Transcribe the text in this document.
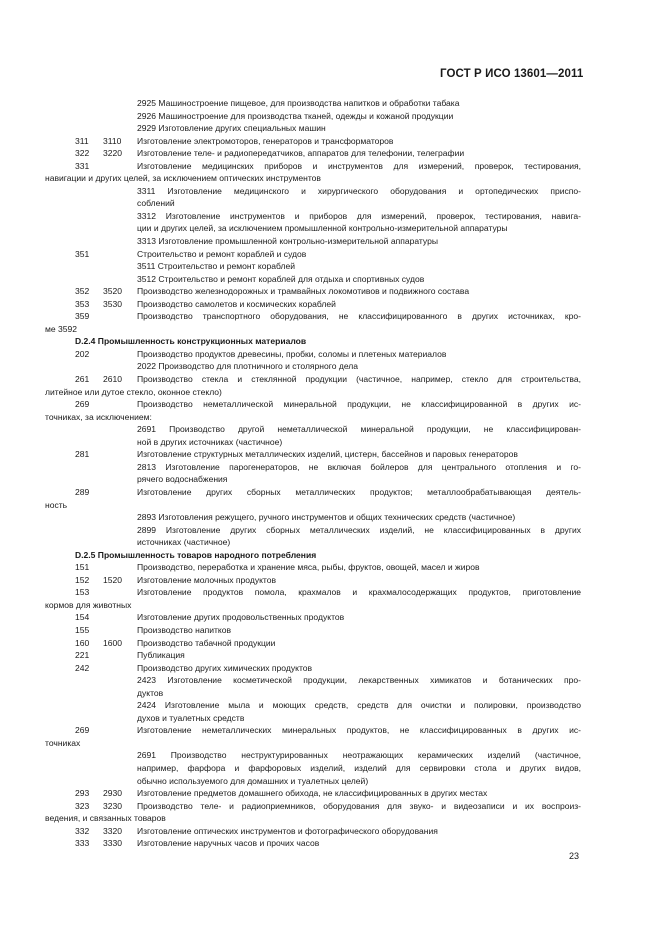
ГОСТ Р ИСО 13601—2011
2925 Машиностроение пищевое, для производства напитков и обработки табака
2926 Машиностроение для производства тканей, одежды и кожаной продукции
2929 Изготовление других специальных машин
311 3110 Изготовление электромоторов, генераторов и трансформаторов
322 3220 Изготовление теле- и радиопередатчиков, аппаратов для телефонии, телеграфии
331	Изготовление медицинских приборов и инструментов для измерений, проверок, тестирования,
навигации и других целей, за исключением оптических инструментов
3311 Изготовление медицинского и хирургического оборудования и ортопедических приспо-
соблений
3312 Изготовление инструментов и приборов для измерений, проверок, тестирования, навига-
ции и других целей, за исключением промышленной контрольно-измерительной аппаратуры
3313 Изготовление промышленной контрольно-измерительной аппаратуры
351	Строительство и ремонт кораблей и судов
3511 Строительство и ремонт кораблей
3512 Строительство и ремонт кораблей для отдыха и спортивных судов
352 3520 Производство железнодорожных и трамвайных локомотивов и подвижного состава
353 3530 Производство самолетов и космических кораблей
359	Производство транспортного оборудования, не классифицированного в других источниках, кро-
ме 3592
D.2.4 Промышленность конструкционных материалов
202	Производство продуктов древесины, пробки, соломы и плетеных материалов
2022 Производство для плотничного и столярного дела
261 2610 Производство стекла и стеклянной продукции (частичное, например, стекло для строительства,
литейное или дутое стекло, оконное стекло)
269	Производство неметаллической минеральной продукции, не классифицированной в других ис-
точниках, за исключением:
2691 Производство другой неметаллической минеральной продукции, не классифицирован-
ной в других источниках (частичное)
281	Изготовление структурных металлических изделий, цистерн, бассейнов и паровых генераторов
2813 Изготовление парогенераторов, не включая бойлеров для центрального отопления и го-
рячего водоснабжения
289	Изготовление других сборных металлических продуктов; металлообрабатывающая деятель-
ность
2893 Изготовления режущего, ручного инструментов и общих технических средств (частичное)
2899 Изготовление других сборных металлических изделий, не классифицированных в других
источниках (частичное)
D.2.5 Промышленность товаров народного потребления
151	Производство, переработка и хранение мяса, рыбы, фруктов, овощей, масел и жиров
152 1520 Изготовление молочных продуктов
153	Изготовление продуктов помола, крахмалов и крахмалосодержащих продуктов, приготовление
кормов для животных
154	Изготовление других продовольственных продуктов
155	Производство напитков
160 1600 Производство табачной продукции
221	Публикация
242	Производство других химических продуктов
2423 Изготовление косметической продукции, лекарственных химикатов и ботанических про-
дуктов
2424 Изготовление мыла и моющих средств, средств для очистки и полировки, производство
духов и туалетных средств
269	Изготовление неметаллических минеральных продуктов, не классифицированных в других ис-
точниках
2691 Производство неструктурированных неотражающих керамических изделий (частичное,
например, фарфора и фарфоровых изделий, изделий для сервировки стола и других видов,
обычно используемого для домашних и туалетных целей)
293 2930 Изготовление предметов домашнего обихода, не классифицированных в других местах
323 3230 Производство теле- и радиоприемников, оборудования для звуко- и видеозаписи и их воспроиз-
ведения, и связанных товаров
332 3320 Изготовление оптических инструментов и фотографического оборудования
333 3330 Изготовление наручных часов и прочих часов
23
